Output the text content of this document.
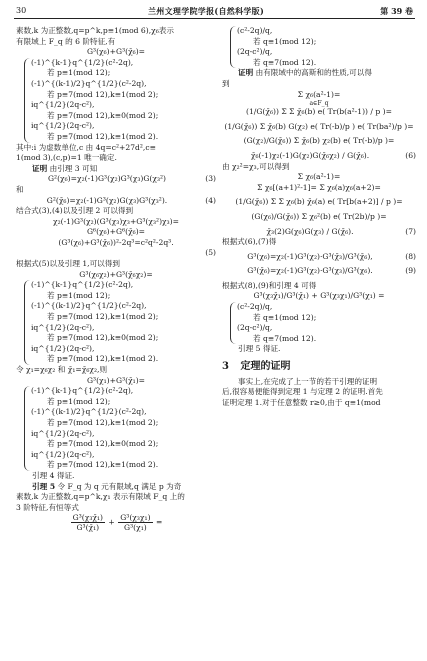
30	兰州文理学院学报(自然科学版)	第 39 卷
素数,k 为正整数,q=p^k,p≡1(mod 6),χ₆表示
有限域上 F_q 的 6 阶特征,有
G³(χ₆)+G³(χ̄₆)=
(-1)^{k-1}q^{1/2}(c²-2q),
若 p≡1(mod 12);
(-1)^{(k-1)/2}q^{1/2}(c²-2q),
若 p≡7(mod 12),k≡1(mod 2);
iq^{1/2}(2q-c²),
若 p≡7(mod 12),k≡0(mod 2);
iq^{1/2}(2q-c²),
若 p≡7(mod 12),k≡1(mod 2).
其中:i 为虚数单位,c 由 4q=c²+27d²,c≡
1(mod 3),(c,p)=1 唯一确定.
证明 由引理 3 可知
G²(χ₆)=χ₂(-1)G³(χ₂)G³(χ₃)G(χ₃²)	(3)
和
G²(χ̄₆)=χ₂(-1)G³(χ₂)G(χ₃)G³(χ₃²).	(4)
结合式(3),(4)以及引理 2 可以得到
χ₂(-1)G³(χ₂)(G³(χ₃)χ₃+G³(χ₃²)χ₃)=
G⁶(χ₆)+G⁶(χ̄₆)=
(G³(χ₆)+G³(χ̄₆))²-2q³=c²q²-2q³.
(5)
根据式(5)以及引理 1,可以得到
G³(χ₆χ₂)+G³(χ̄₆χ₂)=
(-1)^{k-1}q^{1/2}(c²-2q),
若 p≡1(mod 12);
(-1)^{(k-1)/2}q^{1/2}(c²-2q),
若 p≡7(mod 12),k≡1(mod 2);
iq^{1/2}(2q-c²),
若 p≡7(mod 12),k≡0(mod 2);
iq^{1/2}(2q-c²),
若 p≡7(mod 12),k≡1(mod 2).
令 χ₁=χ₆χ₂ 和 χ̄₁=χ̄₆χ₂,则
G³(χ₁)+G³(χ̄₁)=
(-1)^{k-1}q^{1/2}(c²-2q),
若 p≡1(mod 12);
(-1)^{(k-1)/2}q^{1/2}(c²-2q),
若 p≡7(mod 12),k≡1(mod 2);
iq^{1/2}(2q-c²),
若 p≡7(mod 12),k≡0(mod 2);
iq^{1/2}(2q-c²),
若 p≡7(mod 12),k≡1(mod 2).
引理 4 得证.
引理 5 令 F_q 为 q 元有限域,q 满足 p 为奇
素数,k 为正整数,q=p^k,χ₁ 表示有限域 F_q 上的
3 阶特征,有恒等式
$\frac{\text{G³(χ₃χ̄₁)}}{\text{G³(χ̄₁)}} + \frac{\text{G³(χ₃χ₁)}}{\text{G³(χ₁)}}$ =
(c²-2q)/q,
若 q≡1(mod 12);
(2q-c²)/q,
若 q≡7(mod 12).
证明 由有限域中的高斯和的性质,可以得
到
Σ χ₆(a²-1)=
a∈F_q
(1/G(χ̄₆)) Σ Σ χ̄₆(b) e( Tr(b(a²-1)) / p )=
(1/G(χ̄₆)) Σ χ̄₆(b) G(χ₂) e( Tr(-b)/p ) e( Tr(ba²)/p )=
(G(χ₂)/G(χ̄₆)) Σ χ̄₆(b) χ₂(b) e( Tr(-b)/p )=
χ̄₆(-1)χ₂(-1)G(χ₂)G(χ̄₆χ₂) / G(χ̄₆).	(6)
由 χ₂²=χ₃,可以得到
Σ χ₆(a²-1)=
Σ χ₆[(a+1)²-1]= Σ χ₆(a)χ₆(a+2)=
(1/G(χ̄₆)) Σ Σ χ₆(b) χ̄₆(a) e( Tr[b(a+2)] / p )=
(G(χ₆)/G(χ̄₆)) Σ χ₆²(b) e( Tr(2b)/p )=
χ̄₃(2)G(χ₆)G(χ₃) / G(χ̄₆).	(7)
根据式(6),(7)得
G³(χ₆)=χ₂(-1)G³(χ₂)·G³(χ̄₃)/G³(χ̄₆),	(8)
G³(χ̄₆)=χ₂(-1)G³(χ₂)·G³(χ₃)/G³(χ₆).	(9)
根据式(8),(9)和引理 4 可得
G³(χ₃χ̄₁)/G³(χ̄₁) + G³(χ₃χ₁)/G³(χ₁) =
(c²-2q)/q,
若 q≡1(mod 12);
(2q-c²)/q,
若 q≡7(mod 12).
引理 5 得证.
3 定理的证明
事实上,在完成了上一节的若干引理的证明
后,很容易便能得到定理 1 与定理 2 的证明.首先
证明定理 1.对于任意整数 r≥0,由于 q≡1(mod
